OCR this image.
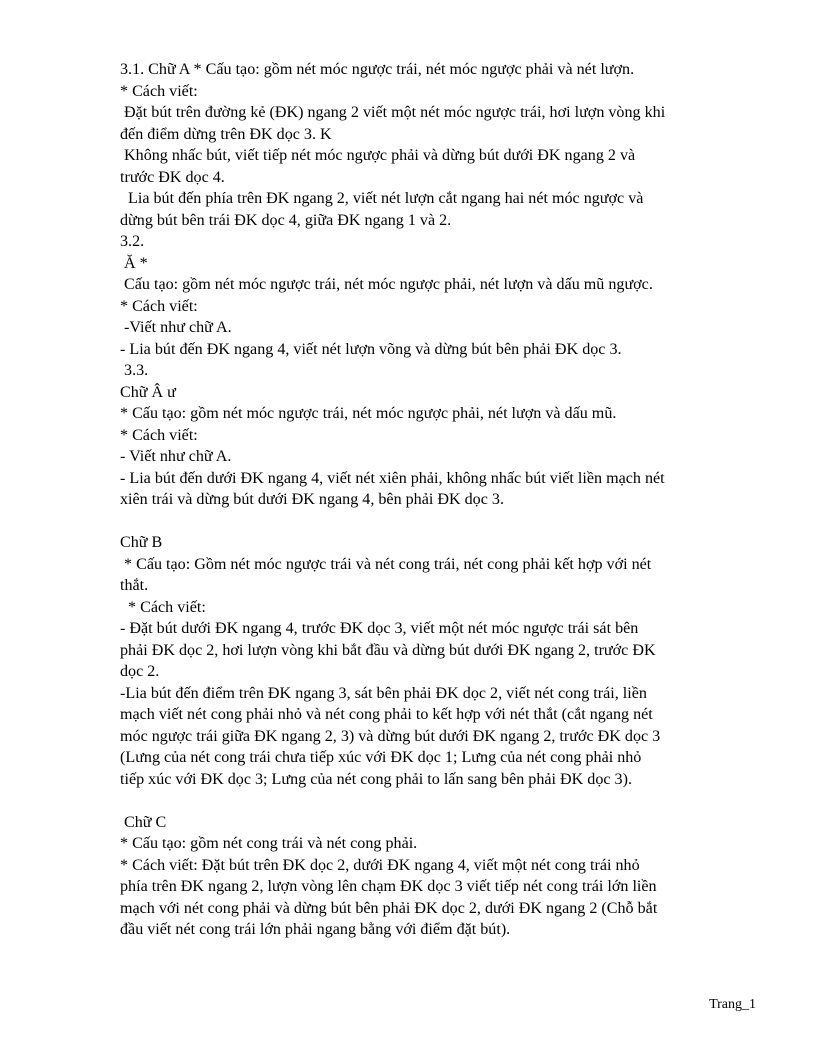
3.1. Chữ A * Cấu tạo: gồm nét móc ngược trái, nét móc ngược phải và nét lượn.
* Cách viết:
Đặt bút trên đường kẻ (ĐK) ngang 2 viết một nét móc ngược trái, hơi lượn vòng khi
đến điểm dừng trên ĐK dọc 3. K
Không nhấc bút, viết tiếp nét móc ngược phải và dừng bút dưới ĐK ngang 2 và
trước ĐK dọc 4.
Lia bút đến phía trên ĐK ngang 2, viết nét lượn cắt ngang hai nét móc ngược và
dừng bút bên trái ĐK dọc 4, giữa ĐK ngang 1 và 2.
3.2.
Ă *
Cấu tạo: gồm nét móc ngược trái, nét móc ngược phải, nét lượn và dấu mũ ngược.
* Cách viết:
-Viết như chữ A.
- Lia bút đến ĐK ngang 4, viết nét lượn võng và dừng bút bên phải ĐK dọc 3.
3.3.
Chữ Â ư
* Cấu tạo: gồm nét móc ngược trái, nét móc ngược phải, nét lượn và dấu mũ.
* Cách viết:
- Viết như chữ A.
- Lia bút đến dưới ĐK ngang 4, viết nét xiên phải, không nhấc bút viết liền mạch nét
xiên trái và dừng bút dưới ĐK ngang 4, bên phải ĐK dọc 3.
Chữ B
* Cấu tạo: Gồm nét móc ngược trái và nét cong trái, nét cong phải kết hợp với nét
thắt.
* Cách viết:
- Đặt bút dưới ĐK ngang 4, trước ĐK dọc 3, viết một nét móc ngược trái sát bên
phải ĐK dọc 2, hơi lượn vòng khi bắt đầu và dừng bút dưới ĐK ngang 2, trước ĐK
dọc 2.
-Lia bút đến điểm trên ĐK ngang 3, sát bên phải ĐK dọc 2, viết nét cong trái, liền
mạch viết nét cong phải nhỏ và nét cong phải to kết hợp với nét thắt (cắt ngang nét
móc ngược trái giữa ĐK ngang 2, 3) và dừng bút dưới ĐK ngang 2, trước ĐK dọc 3
(Lưng của nét cong trái chưa tiếp xúc với ĐK dọc 1; Lưng của nét cong phải nhỏ
tiếp xúc với ĐK dọc 3; Lưng của nét cong phải to lấn sang bên phải ĐK dọc 3).
Chữ C
* Cấu tạo: gồm nét cong trái và nét cong phải.
* Cách viết: Đặt bút trên ĐK dọc 2, dưới ĐK ngang 4, viết một nét cong trái nhỏ
phía trên ĐK ngang 2, lượn vòng lên chạm ĐK dọc 3 viết tiếp nét cong trái lớn liền
mạch với nét cong phải và dừng bút bên phải ĐK dọc 2, dưới ĐK ngang 2 (Chỗ bắt
đầu viết nét cong trái lớn phải ngang bằng với điểm đặt bút).
Trang_1
